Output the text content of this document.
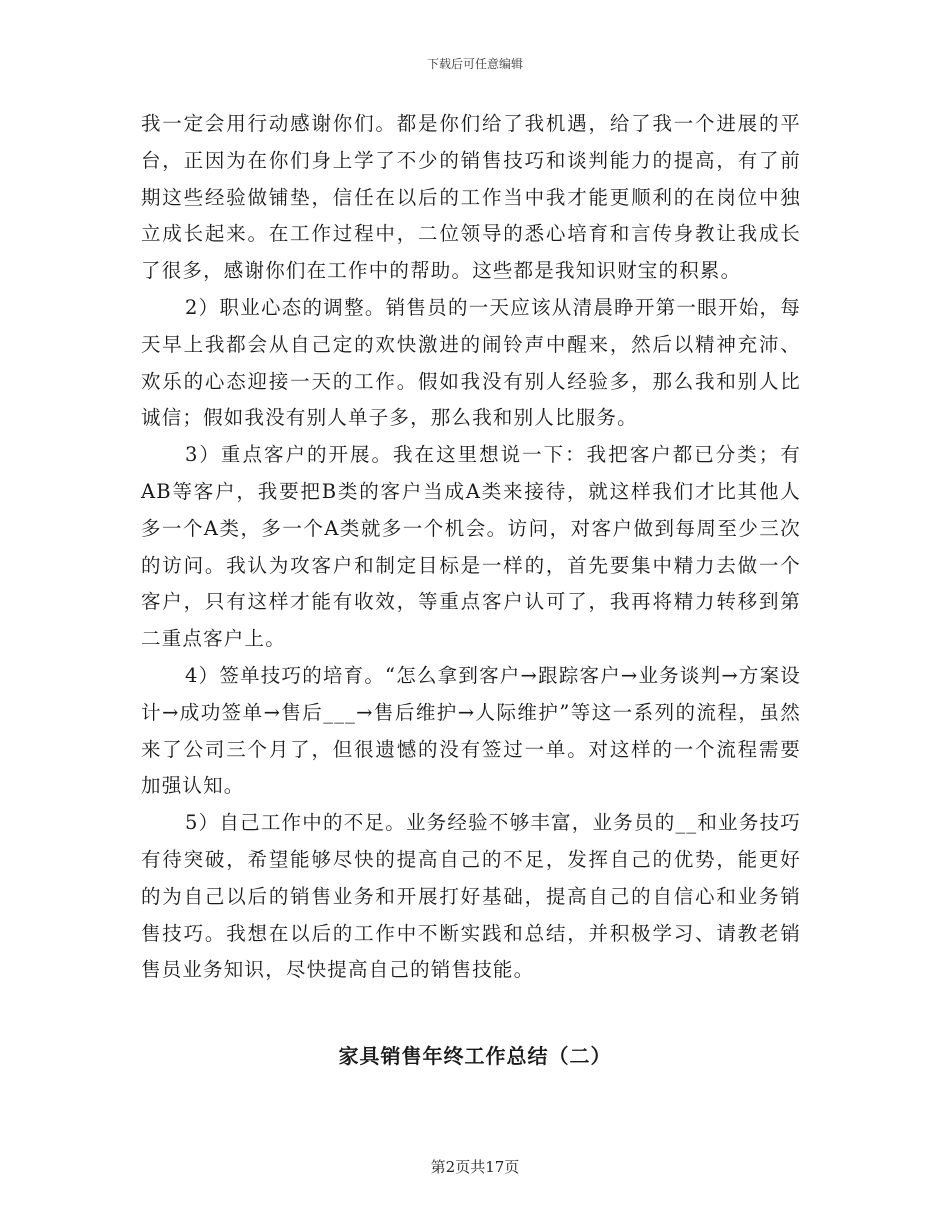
下载后可任意编辑

我一定会用行动感谢你们。都是你们给了我机遇，给了我一个进展的平台，正因为在你们身上学了不少的销售技巧和谈判能力的提高，有了前期这些经验做铺垫，信任在以后的工作当中我才能更顺利的在岗位中独立成长起来。在工作过程中，二位领导的悉心培育和言传身教让我成长了很多，感谢你们在工作中的帮助。这些都是我知识财宝的积累。

2）职业心态的调整。销售员的一天应该从清晨睁开第一眼开始，每天早上我都会从自己定的欢快激进的闹铃声中醒来，然后以精神充沛、欢乐的心态迎接一天的工作。假如我没有别人经验多，那么我和别人比诚信；假如我没有别人单子多，那么我和别人比服务。

3）重点客户的开展。我在这里想说一下：我把客户都已分类；有AB等客户，我要把B类的客户当成A类来接待，就这样我们才比其他人多一个A类，多一个A类就多一个机会。访问，对客户做到每周至少三次的访问。我认为攻客户和制定目标是一样的，首先要集中精力去做一个客户，只有这样才能有收效，等重点客户认可了，我再将精力转移到第二重点客户上。

4）签单技巧的培育。“怎么拿到客户→跟踪客户→业务谈判→方案设计→成功签单→售后___→售后维护→人际维护”等这一系列的流程，虽然来了公司三个月了，但很遗憾的没有签过一单。对这样的一个流程需要加强认知。

5）自己工作中的不足。业务经验不够丰富，业务员的__和业务技巧有待突破，希望能够尽快的提高自己的不足，发挥自己的优势，能更好的为自己以后的销售业务和开展打好基础，提高自己的自信心和业务销售技巧。我想在以后的工作中不断实践和总结，并积极学习、请教老销售员业务知识，尽快提高自己的销售技能。

家具销售年终工作总结（二）
第2页共17页
